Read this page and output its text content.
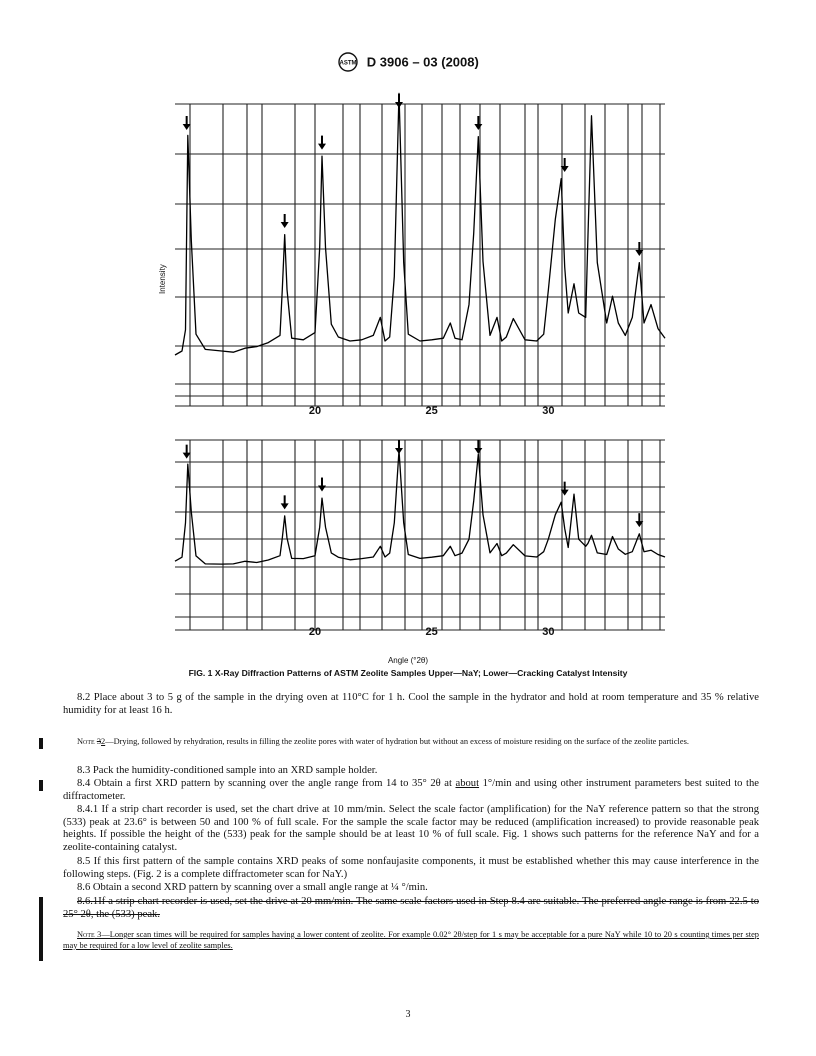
ASTM D 3906 – 03 (2008)
Intensity
20	25	30
20	25	30
Angle (°2θ)
FIG. 1 X-Ray Diffraction Patterns of ASTM Zeolite Samples Upper—NaY; Lower—Cracking Catalyst Intensity
8.2 Place about 3 to 5 g of the sample in the drying oven at 110°C for 1 h. Cool the sample in the hydrator and hold at room temperature and 35 % relative humidity for at least 16 h.
Note 32—Drying, followed by rehydration, results in filling the zeolite pores with water of hydration but without an excess of moisture residing on the surface of the zeolite particles.
8.3 Pack the humidity-conditioned sample into an XRD sample holder.
8.4 Obtain a first XRD pattern by scanning over the angle range from 14 to 35° 2θ at about 1°/min and using other instrument parameters best suited to the diffractometer.
8.4.1 If a strip chart recorder is used, set the chart drive at 10 mm/min. Select the scale factor (amplification) for the NaY reference pattern so that the strong (533) peak at 23.6° is between 50 and 100 % of full scale. For the sample the scale factor may be reduced (amplification increased) to provide reasonable peak heights. If possible the height of the (533) peak for the sample should be at least 10 % of full scale. Fig. 1 shows such patterns for the reference NaY and for a zeolite-containing catalyst.
8.5 If this first pattern of the sample contains XRD peaks of some nonfaujasite components, it must be established whether this may cause interference in the following steps. (Fig. 2 is a complete diffractometer scan for NaY.)
8.6 Obtain a second XRD pattern by scanning over a small angle range at ¼ °/min.
8.6.1If a strip chart recorder is used, set the drive at 20 mm/min. The same scale factors used in Step 8.4 are suitable. The preferred angle range is from 22.5 to 25° 2θ, the (533) peak.
Note 3—Longer scan times will be required for samples having a lower content of zeolite. For example 0.02° 2θ/step for 1 s may be acceptable for a pure NaY while 10 to 20 s counting times per step may be required for a low level of zeolite samples.
3
